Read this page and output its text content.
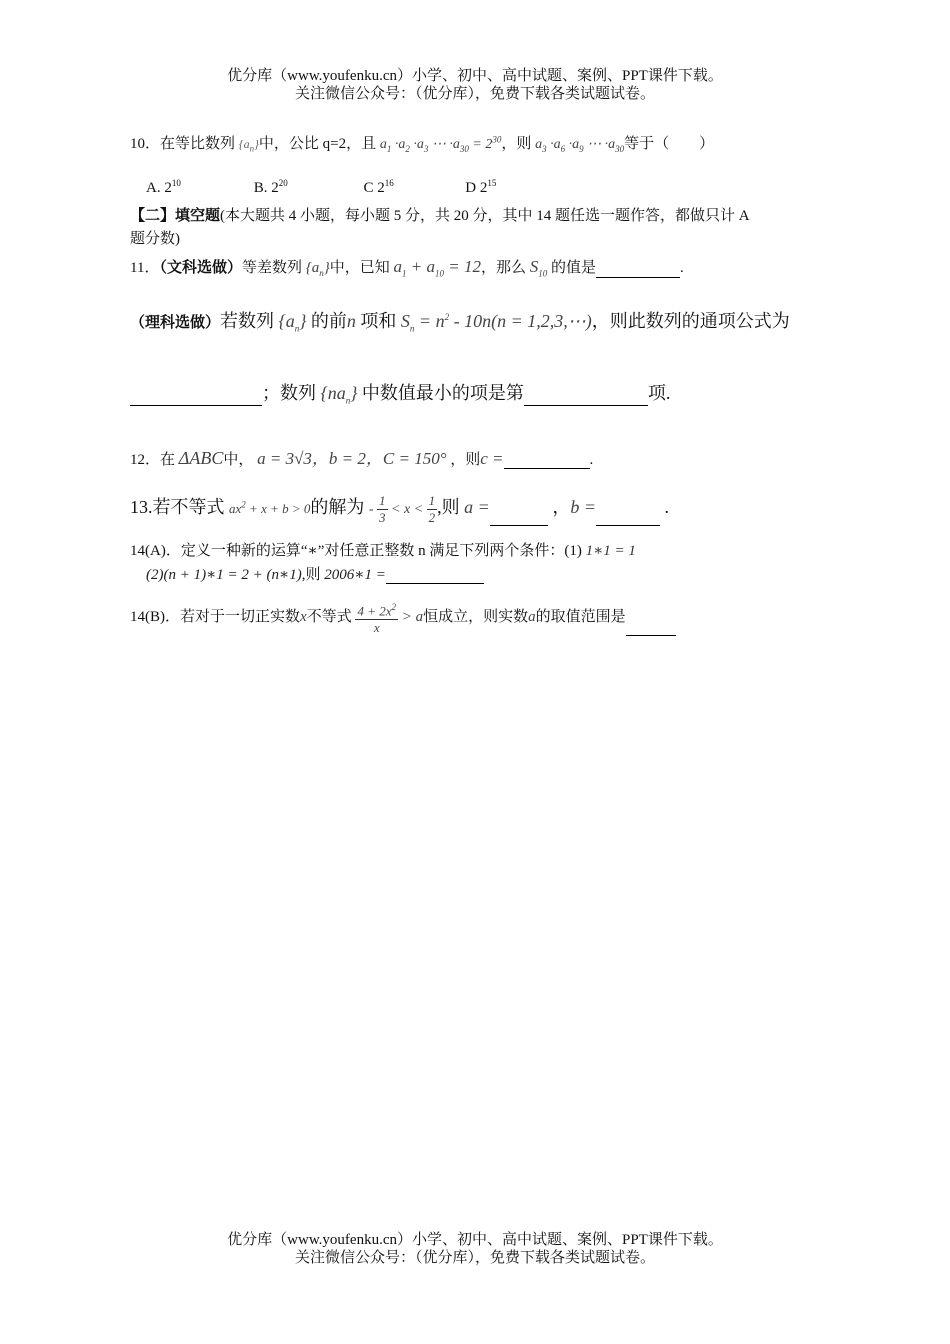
优分库（www.youfenku.cn）小学、初中、高中试题、案例、PPT课件下载。
关注微信公众号：（优分库），免费下载各类试题试卷。
10．在等比数列 $\{a_n\}$中，公比 q=2，且 $a_1 \cdot a_2 \cdot a_3$ ⋯ $\cdot a_{30} = 2^{30}$，则 $a_3 \cdot a_6 \cdot a_9$ ⋯ $\cdot a_{30}$等于（　　）
A. $2^{10}$	B. $2^{20}$	C $2^{16}$	D $2^{15}$
【二】填空题(本大题共 4 小题，每小题 5 分，共 20 分，其中 14 题任选一题作答，都做只计 A
题分数)
11．（文科选做）等差数列 $\{a_n\}$中，已知 $a_1 + a_{10} = 12$，那么 $S_{10}$ 的值是	.
（理科选做）若数列 $\{a_n\}$ 的前n 项和 $S_n = n^2 - 10n(n$ = 1,2,3,⋯)，则此数列的通项公式为
；数列 $\{na_n\}$ 中数值最小的项是第	项.
12．在 ΔABC中， a = 3√3，b = 2，C = 150° ，则c =	.
13.若不等式 $ax^2 + x + b > 0$的解为 - $\frac{1}{3} < x < \frac{1}{2}$ ,则 a =	，b =	.
14(A)．定义一种新的运算“∗”对任意正整数 n 满足下列两个条件：(1) 1∗1 = 1
(2)(n + 1)∗1 = 2 + (n∗1),则 2006∗1 =
14(B)．若对于一切正实数x不等式 $\frac{4 + 2x^2}{x} > a$恒成立，则实数a的取值范围是
优分库（www.youfenku.cn）小学、初中、高中试题、案例、PPT课件下载。
关注微信公众号：（优分库），免费下载各类试题试卷。
